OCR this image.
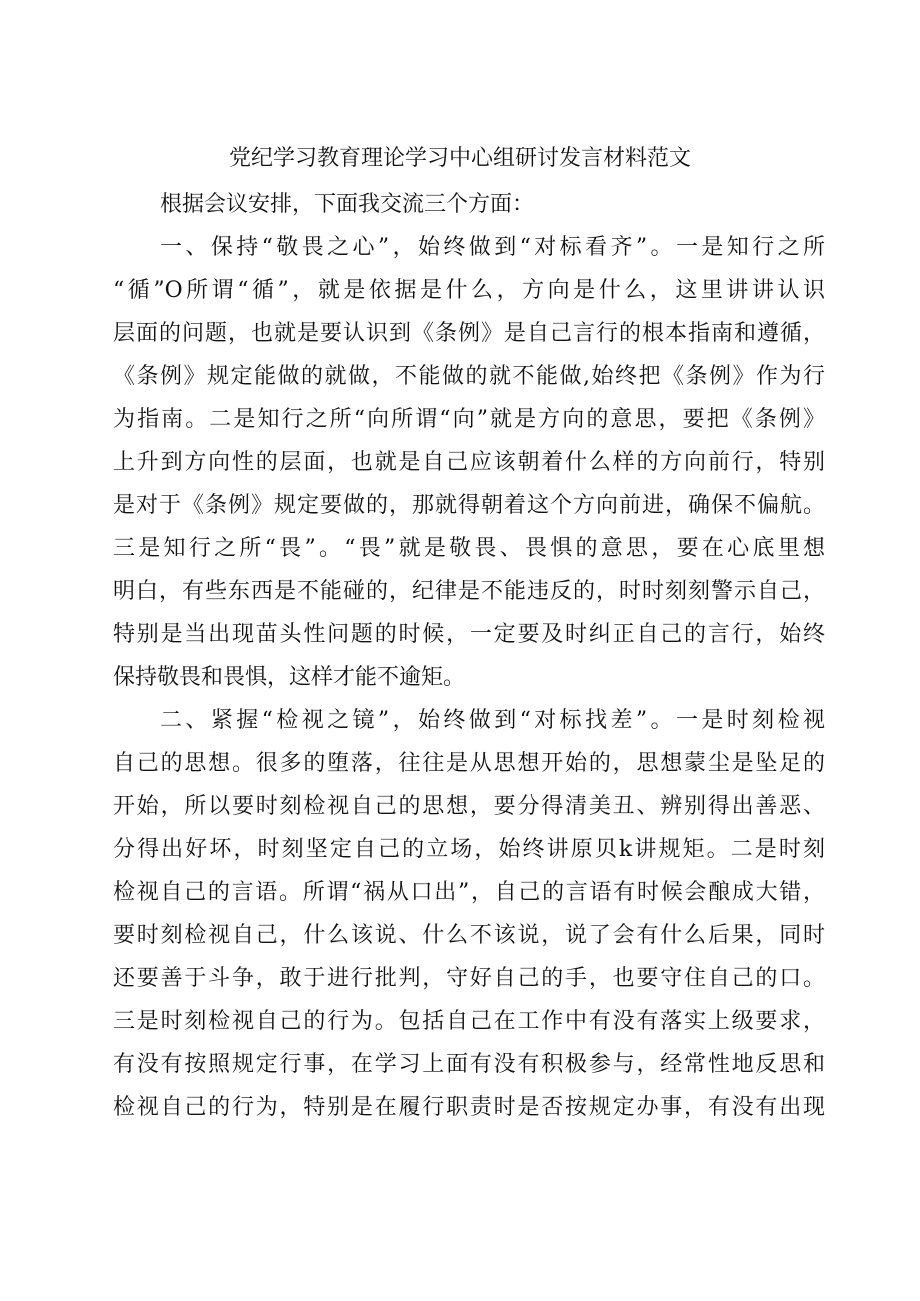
党纪学习教育理论学习中心组研讨发言材料范文
根据会议安排，下面我交流三个方面：
一、保持“敬畏之心”，始终做到“对标看齐”。一是知行之所
“循”O所谓“循”，就是依据是什么，方向是什么，这里讲讲认识
层面的问题，也就是要认识到《条例》是自己言行的根本指南和遵循，
《条例》规定能做的就做，不能做的就不能做,始终把《条例》作为行
为指南。二是知行之所“向所谓“向”就是方向的意思，要把《条例》
上升到方向性的层面，也就是自己应该朝着什么样的方向前行，特别
是对于《条例》规定要做的，那就得朝着这个方向前进，确保不偏航。
三是知行之所“畏”。“畏”就是敬畏、畏惧的意思，要在心底里想
明白，有些东西是不能碰的，纪律是不能违反的，时时刻刻警示自己，
特别是当出现苗头性问题的时候，一定要及时纠正自己的言行，始终
保持敬畏和畏惧，这样才能不逾矩。
二、紧握“检视之镜”，始终做到“对标找差”。一是时刻检视
自己的思想。很多的堕落，往往是从思想开始的，思想蒙尘是坠足的
开始，所以要时刻检视自己的思想，要分得清美丑、辨别得出善恶、
分得出好坏，时刻坚定自己的立场，始终讲原贝k讲规矩。二是时刻
检视自己的言语。所谓“祸从口出”，自己的言语有时候会酿成大错，
要时刻检视自己，什么该说、什么不该说，说了会有什么后果，同时
还要善于斗争，敢于进行批判，守好自己的手，也要守住自己的口。
三是时刻检视自己的行为。包括自己在工作中有没有落实上级要求，
有没有按照规定行事，在学习上面有没有积极参与，经常性地反思和
检视自己的行为，特别是在履行职责时是否按规定办事，有没有出现
